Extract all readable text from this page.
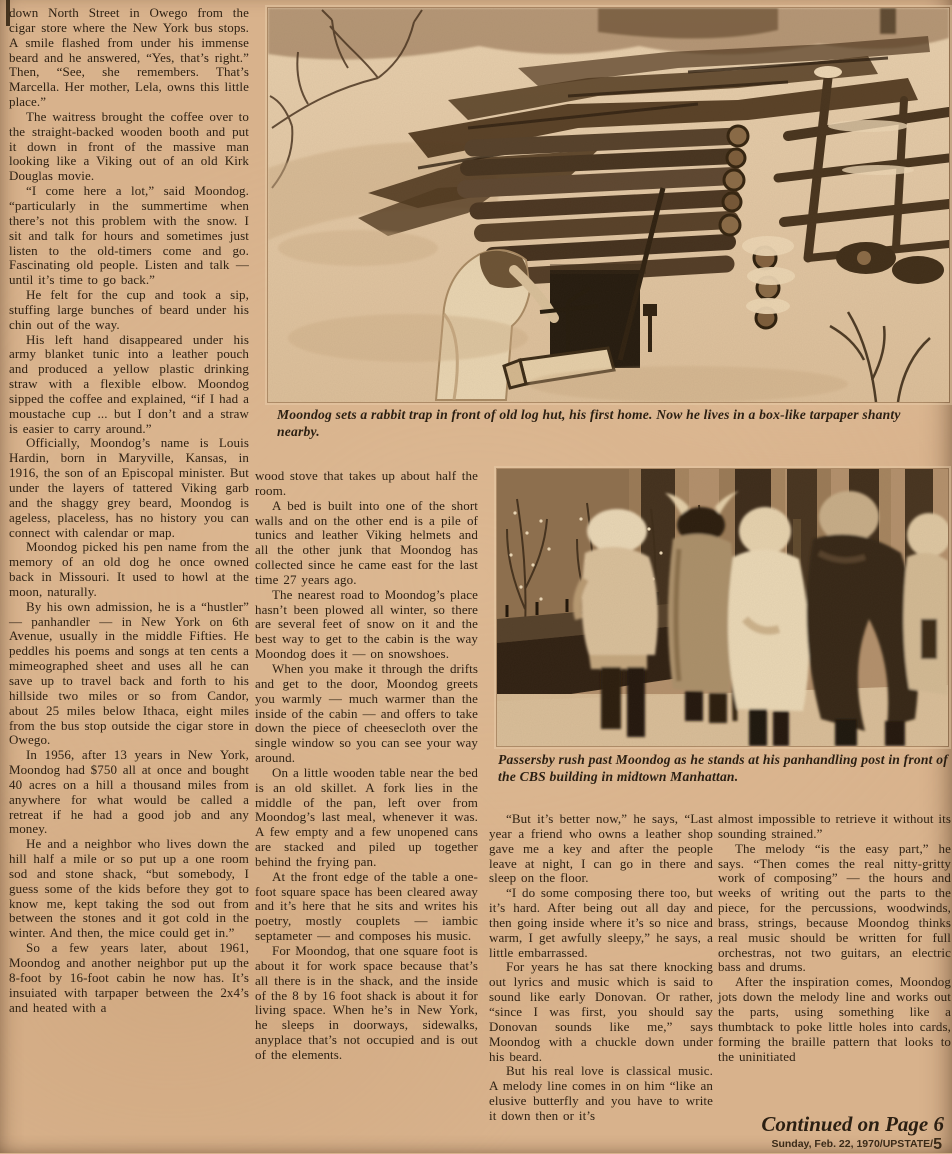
down North Street in Owego from the cigar store where the New York bus stops. A smile flashed from under his immense beard and he answered, “Yes, that’s right.” Then, “See, she remembers. That’s Marcella. Her mother, Lela, owns this little place.”

The waitress brought the coffee over to the straight-backed wooden booth and put it down in front of the massive man looking like a Viking out of an old Kirk Douglas movie.

“I come here a lot,” said Moondog. “particularly in the summertime when there’s not this problem with the snow. I sit and talk for hours and sometimes just listen to the old-timers come and go. Fascinating old people. Listen and talk — until it’s time to go back.”

He felt for the cup and took a sip, stuffing large bunches of beard under his chin out of the way.

His left hand disappeared under his army blanket tunic into a leather pouch and produced a yellow plastic drinking straw with a flexible elbow. Moondog sipped the coffee and explained, “if I had a moustache cup ... but I don’t and a straw is easier to carry around.”

Officially, Moondog’s name is Louis Hardin, born in Maryville, Kansas, in 1916, the son of an Episcopal minister. But under the layers of tattered Viking garb and the shaggy grey beard, Moondog is ageless, placeless, has no history you can connect with calendar or map.

Moondog picked his pen name from the memory of an old dog he once owned back in Missouri. It used to howl at the moon, naturally.

By his own admission, he is a “hustler” — panhandler — in New York on 6th Avenue, usually in the middle Fifties. He peddles his poems and songs at ten cents a mimeographed sheet and uses all he can save up to travel back and forth to his hillside two miles or so from Candor, about 25 miles below Ithaca, eight miles from the bus stop outside the cigar store in Owego.

In 1956, after 13 years in New York, Moondog had $750 all at once and bought 40 acres on a hill a thousand miles from anywhere for what would be called a retreat if he had a good job and any money.

He and a neighbor who lives down the hill half a mile or so put up a one room sod and stone shack, “but somebody, I guess some of the kids before they got to know me, kept taking the sod out from between the stones and it got cold in the winter. And then, the mice could get in.”

So a few years later, about 1961, Moondog and another neighbor put up the 8-foot by 16-foot cabin he now has. It’s insuiated with tarpaper between the 2x4’s and heated with a

Moondog sets a rabbit trap in front of old log hut, his first home. Now he lives in a box-like tarpaper shanty nearby.

wood stove that takes up about half the room.

A bed is built into one of the short walls and on the other end is a pile of tunics and leather Viking helmets and all the other junk that Moondog has collected since he came east for the last time 27 years ago.

The nearest road to Moondog’s place hasn’t been plowed all winter, so there are several feet of snow on it and the best way to get to the cabin is the way Moondog does it — on snowshoes.

When you make it through the drifts and get to the door, Moondog greets you warmly — much warmer than the inside of the cabin — and offers to take down the piece of cheesecloth over the single window so you can see your way around.

On a little wooden table near the bed is an old skillet. A fork lies in the middle of the pan, left over from Moondog’s last meal, whenever it was. A few empty and a few unopened cans are stacked and piled up together behind the frying pan.

At the front edge of the table a one-foot square space has been cleared away and it’s here that he sits and writes his poetry, mostly couplets — iambic septameter — and composes his music.

For Moondog, that one square foot is about it for work space because that’s all there is in the shack, and the inside of the 8 by 16 foot shack is about it for living space. When he’s in New York, he sleeps in doorways, sidewalks, anyplace that’s not occupied and is out of the elements.

Passersby rush past Moondog as he stands at his panhandling post in front of the CBS building in midtown Manhattan.

“But it’s better now,” he says, “Last year a friend who owns a leather shop gave me a key and after the people leave at night, I can go in there and sleep on the floor.

“I do some composing there too, but it’s hard. After being out all day and then going inside where it’s so nice and warm, I get awfully sleepy,” he says, a little embarrassed.

For years he has sat there knocking out lyrics and music which is said to sound like early Donovan. Or rather, “since I was first, you should say Donovan sounds like me,” says Moondog with a chuckle down under his beard.

But his real love is classical music. A melody line comes in on him “like an elusive butterfly and you have to write it down then or it’s

almost impossible to retrieve it without its sounding strained.”

The melody “is the easy part,” he says. “Then comes the real nitty-gritty work of composing” — the hours and weeks of writing out the parts to the piece, for the percussions, woodwinds, brass, strings, because Moondog thinks real music should be written for full orchestras, not two guitars, an electric bass and drums.

After the inspiration comes, Moondog jots down the melody line and works out the parts, using something like a thumbtack to poke little holes into cards, forming the braille pattern that looks to the uninitiated

Continued on Page 6
Sunday, Feb. 22, 1970/UPSTATE/5
